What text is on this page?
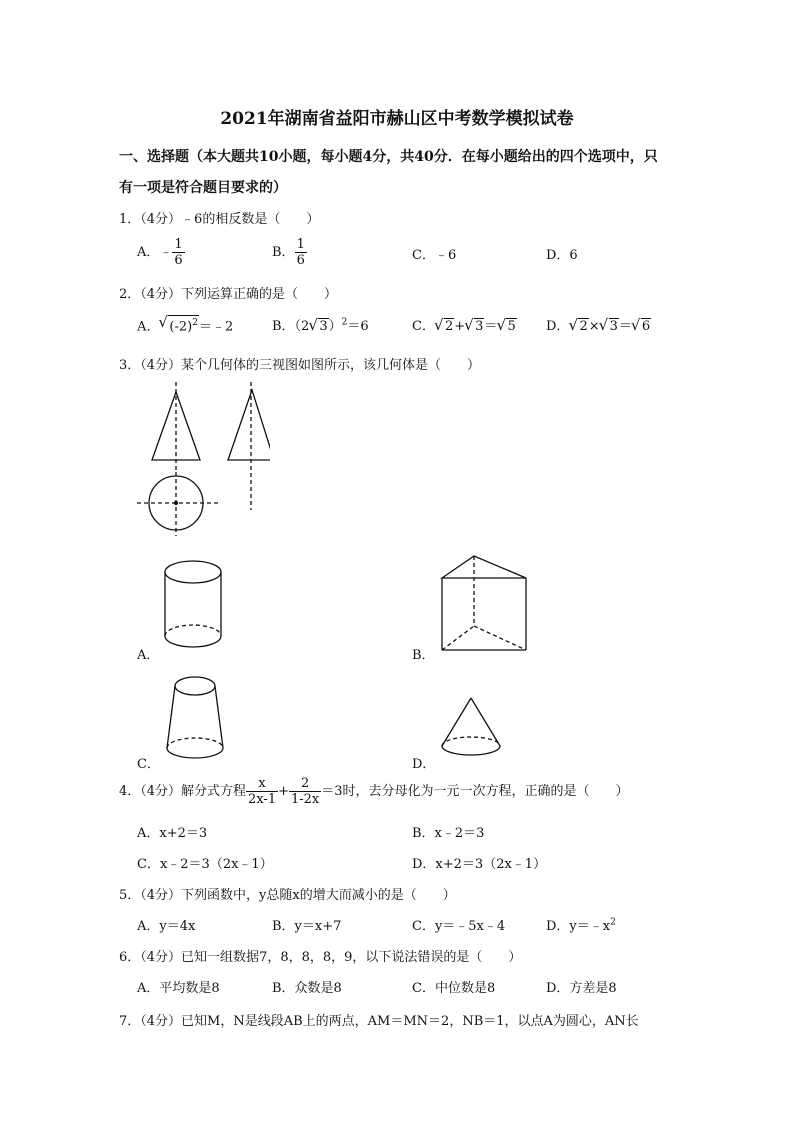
2021年湖南省益阳市赫山区中考数学模拟试卷
一、选择题（本大题共10小题，每小题4分，共40分．在每小题给出的四个选项中，只
有一项是符合题目要求的）
1．（4分）﹣6的相反数是（　　）
A．﹣ $\frac{1}{6}$	B． $\frac{1}{6}$	C．﹣6	D．6
2．（4分）下列运算正确的是（　　）
A． √ $(-2)^2=﹣2$	B．（2 √ 3）$^2$＝6	C． √ 2+ √ 3＝ √ 5 D． √ 2× √ 3＝ √ 6
3．（4分）某个几何体的三视图如图所示，该几何体是（　　）
A．	B．
C．	D．
4．（4分）解分式方程 $\frac{x}{2x-1} + \frac{2}{1-2x} =3$时，去分母化为一元一次方程，正确的是（　　）
A．x+2＝3	B．x﹣2＝3
C．x﹣2＝3（2x﹣1）	D．x+2＝3（2x﹣1）
5．（4分）下列函数中，y总随x的增大而减小的是（　　）
A．y＝4x	B．y＝x+7	C．y＝﹣5x﹣4	D．$y=﹣x^2$
6．（4分）已知一组数据7，8，8，8，9，以下说法错误的是（　　）
A．平均数是8	B．众数是8	C．中位数是8	D．方差是8
7．（4分）已知M，N是线段AB上的两点，AM＝MN＝2，NB＝1，以点A为圆心，AN长
